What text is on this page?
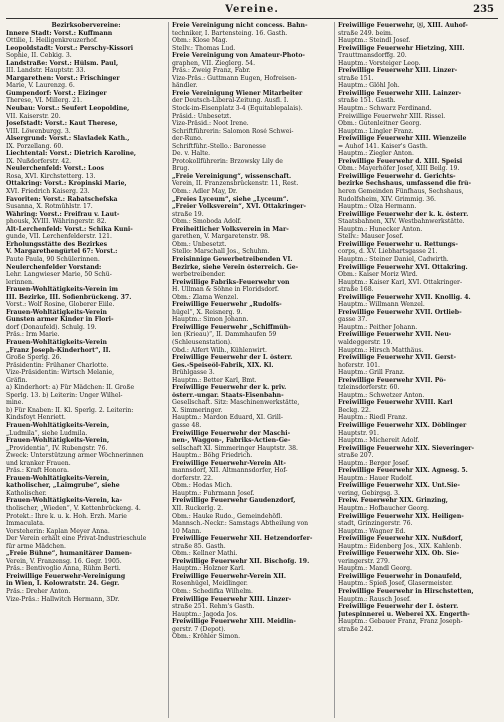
Vereine.	235
Bezirksobervereine:
Innere Stadt: Vorst.: Kuffmann
Ottilie, I. Heiligenkreuzerhof.
Leopoldstadt: Vorst.: Perschy-Kissori
Sophie, II. Cebkig. 3.
Landstraße: Vorst.: Hülsm. Paul,
III. Landstr. Hauptstr. 33.
Margarethen: Vorst.: Frischinger
Marie, V. Laurenzg. 6.
Gumpendorf: Vorst.: Eizinger
Therese, VI. Millerg. 21.
Neubau: Vorst.: Seufert Leopoldine,
VII. Kaiserstr. 20.
Josefstadt: Vorst.: Kaut Therese,
VIII. Löwenburgg. 3.
Alsergrund: Vorst.: Slavladek Kath.,
IX. Porzellang. 60.
Liechtental: Vorst.: Dietrich Karoline,
IX. Nußdorferstr. 42.
Neulerchenfeld: Vorst.: Loos
Rosa, XVI. Kirchstetterg. 13.
Ottakring: Vorst.: Kropinski Marie,
XVI. Friedrich Kaiserg. 23.
Favoriten: Vorst.: Rabatschefska
Susanna, X. Rotmühlstr. 17.
Währing: Vorst.: Freifrau v. Laut-
phousk, XVIII. Währingerstr. 82.
Alt-Lerchenfeld: Vorst.: Schika Kuni-
gunde, VII. Lerchenfelderstr. 121.
Erholungsstätte des Bezirkes
V. Margarethengürtel 67: Vorst.:
Paute Paula, 90 Schülerinnen.
Neulerchenfelder Vorstand:
Lehr. Langwieser Marie, 50 Schü-
lerinnen.
Frauen-Wohltätigkeits-Verein im
III. Bezirke, III. Sofienbrückeng. 37.
Vorst.: Wolf Rosine, Globerer Eiile.
Frauen-Wohltätigkeits-Verein
Gunsten armer Kinder in Flori-
dorf (Donaufeld). Schulg. 19.
Präs.: Irm Marie.
Frauen-Wohltätigkeits-Verein
„Franz Joseph-Kinderhort“, II.
Große Sperlg. 26.
Präsidentin: Frühaner Charlotte.
Vize-Präsidentin: Wirtsch Melanie,
Gräfin.
a) Kinderhort: a) Für Mädchen: II. Große
Sperlg. 13. b) Leiterin: Unger Wilhel-
mine.
b) Für Knaben: II. Kl. Sperlg. 2. Leiterin:
Kindsfoyt Henriett.
Frauen-Wohltätigkeits-Verein,
„Ludmila“, siehe Ludmila.
Frauen-Wohltätigkeits-Verein,
„Providentia“, IV. Rubengstr. 76.
Zweck: Unterstützung armer Wöchnerinnen
und kranker Frauen.
Präs.: Kraft Honora.
Frauen-Wohltätigkeits-Verein,
katholischer, „Laimgrube“, siehe
Katholischer.
Frauen-Wohltätigkeits-Verein, ka-
tholischer, „Wieden“, V. Kettenbrückeng. 4.
Protekt.: Ihre k. u. k. Hoh. Erzh. Marie
Immaculata.
Vorsteherin: Kaplan Meyer Anna.
Der Verein erhält eine Privat-Industrieschule
für arme Mädchen.
„Freie Bühne“, humanitärer Damen-
Verein, V. Franzensg. 16. Gegr. 1905.
Präs.: Bentivoglio Anna, Rühm Berti.
Freiwillige Feuerwehr-Vereinigung
in Wien, I. Kolowratstr. 24. Gegr.
Präs.: Dreher Anton.
Vize-Präs.: Hallwitch Hermann, 3Dr.
Freie Vereinigung nicht concess. Bahn-
techniker, I. Bartensteing. 16. Gasth.
Obm.: Klose Mag.
Stellv.: Thomas Lud.
Freie Vereinigung von Amateur-Photo-
graphen, VII. Zieglerg. 54.
Präs.: Zweig Franz, Fabr.
Vize-Präs.: Guttmann Eugen, Hofreisen-
händler.
Freie Vereinigung Wiener Mitarbeiter
der Deutsch-Liberal-Zeitung. Ausfl. I.
Stock-im-Eisenplatz 3-4 (Equitablepalais).
Präsid.: Unbesetzt.
Vize-Präsid.: Noot Irene.
Schriftführerin: Salomon Rosé Schwei-
der-Runo.
Schriftführ.-Stello.: Baronesse
De. v. Halte.
Protokollführerin: Brzowsky Lily de
Brug.
„Freie Vereinigung“, wissenschaft.
Verein, II. Franzensbrückenstr. 11, Rest.
Obm.: Adler May, Dr.
„Freies Lyceum“, siehe „Lyceum“.
„Freier Volksverein“, XVI. Ottakringer-
straße 19.
Obm.: Smoboda Adolf.
Freiheitlicher Volksverein in Mar-
garethen, V. Margaretenstr. 98.
Obm.: Unbesetzt.
Stello: Marschall Jos., Schuhm.
Freisinnige Gewerbetreibenden VI.
Bezirke, siehe Verein österreich. Ge-
werbetreibender.
Freiwillige Fabriks-Feuerwehr von
H. Ullman & Söhne in Floridsdorf.
Obm.: Zlama Wenzel.
Freiwillige Feuerwehr „Rudolfs-
hügel“, X. Reisnerg. 9.
Hauptm.: Simon Johann.
Freiwillige Feuerwehr „Schiffmüh-
len (Krieau)“, II. Dammhaufen 59
(Schleusenstation).
Obd.: Alfert Wilh., Kühlenwirt.
Freiwillige Feuerwehr der I. österr.
Ges.-Speiseöl-Fabrik, XIX. Kl.
Brühlgasse 3.
Hauptm.: Better Karl, Bmt.
Freiwillige Feuerwehr der k. priv.
österr.-ungar. Staats-Eisenbahn-
Gesellschaft. Sitz: Maschinenwerkstätte,
X. Simmeringer.
Hauptm.: Mardon Eduard, XI. Grill-
gasse 48.
Freiwillige Feuerwehr der Maschi-
nen-, Waggon-, Fabriks-Actien-Ge-
sellschaft XI. Simmeringer Hauptstr. 38.
Hauptm.: Böhg Friedrich.
Freiwillige Feuerwehr-Verein Alt-
mannsdorf, XII. Altmannsdorfer, Hof-
dorferstr. 22.
Obm.: Hodas Mich.
Hauptm.: Fuhrmann Josef.
Freiwillige Feuerwehr Gaudenzdorf,
XII. Ruckerlg. 2.
Obm.: Hauke Rudo., Gemeindehöfl.
Mannsch.-Neckr.: Samstags Abtheilung von
10 Mann.
Freiwillige Feuerwehr XII. Hetzendorfer-
straße 85. Gasth.
Obm.: Kellner Mathi.
Freiwillige Feuerwehr XII. Bischofg. 19.
Hauptm.: Holzner Karl.
Freiwillige Feuerwehr-Verein XII.
Rosenhügel, Meidlinger.
Obm.: Schedifka Wilhelm.
Freiwillige Feuerwehr XIII. Linzer-
straße 251. Rehm's Gasth.
Hauptm.: Jagoda Jos.
Freiwillige Feuerwehr XIII. Meidlin-
gerstr. 7 (Depot).
Obm.: Kröhler Simon.
Freiwillige Feuerwehr, Ⓢ, XIII. Auhof-
straße 249. beim.
Hauptm.: Steindl Josef.
Freiwillige Feuerwehr Hietzing, XIII.
Trauttmansdorffg. 20.
Hauptm.: Vorsteiger Leop.
Freiwillige Feuerwehr XIII. Linzer-
straße 151.
Hauptm.: Glöhl Joh.
Freiwillige Feuerwehr XIII. Lainzer-
straße 151. Gasth.
Hauptm.: Schwarz Ferdinand.
Freiwillige Feuerwehr XIII. Rissel.
Obm.: Gutenleitner Georg.
Hauptm.: Lingler Franz.
Freiwillige Feuerwehr XIII. Wienzeile
= Auhof 141. Kaiser's Gasth.
Hauptm.: Ziegler Anton.
Freiwillige Feuerwehr d. XIII. Speisi
Obm.: Mayerhöfer Josef, XIII Beilg. 19.
Freiwillige Feuerwehr d. Gerichts-
bezirke Sechshaus, umfassend die frü-
heren Gemeinden Fünfhaus, Sechshaus,
Rudolfsheim, XIV. Grimmig. 36.
Hauptm.: Olza Hermann.
Freiwillige Feuerwehr der k. k. österr.
Staatsbahnen, XIV. Westbahnwerkstätte.
Hauptm.: Hunecker Anton.
Stellv.: Mauser Josef.
Freiwillige Feuerwehr u. Rettungs-
corps, d. XV. Liebhartsgasse 21.
Hauptm.: Steiner Daniel, Cadwirth.
Freiwillige Feuerwehr XVI. Ottakring.
Obm.: Kaiser Moriz Wird.
Hauptm.: Kaiser Karl, XVI. Ottakringer-
straße 168.
Freiwillige Feuerwehr XVII. Knollig. 4.
Hauptm.: Willmann Wenzel.
Freiwillige Feuerwehr XVII. Ortlieb-
gasse 37.
Hauptm.: Peither Johann.
Freiwillige Feuerwehr XVII. Neu-
waldeggerstr. 19.
Hauptm.: Hirsch Matthäus.
Freiwillige Feuerwehr XVII. Gerst-
hoferstr. 101.
Hauptm.: Grill Franz.
Freiwillige Feuerwehr XVII. Pö-
tzleinsdorferstr. 60.
Hauptm.: Schwetzer Anton.
Freiwillige Feuerwehr XVIII. Karl
Beckg. 22.
Hauptm.: Riedl Franz.
Freiwillige Feuerwehr XIX. Döblinger
Hauptstr. 91.
Hauptm.: Michereit Adolf.
Freiwillige Feuerwehr XIX. Sieveringer-
straße 207.
Hauptm.: Berger Josef.
Freiwillige Feuerwehr XIX. Agnesg. 5.
Hauptm.: Hauer Rudolf.
Freiwillige Feuerwehr XIX. Unt.Sie-
vering, Gebirgsg. 3.
Freiw. Feuerwehr XIX. Grinzing,
Hauptm.: Hofbaucher Georg.
Freiwillige Feuerwehr XIX. Heiligen-
stadt, Grinzingerstr. 76.
Hauptm.: Wagner Ed.
Freiwillige Feuerwehr XIX. Nußdorf,
Hauptm.: Eidenberg Jos., XIX. Kahlenb.
Freiwillige Feuerwehr XIX. Ob. Sie-
veringerstr. 279.
Hauptm.: Mandl Georg.
Freiwillige Feuerwehr in Donaufeld,
Hauptm.: Spieß Josef, Glasermeister.
Freiwillige Feuerwehr in Hirschstetten,
Hauptm.: Rausch Josef.
Freiwillige Feuerwehr der I. österr.
Jutespinnerei u. Weberei XX. Engerth-
Hauptm.: Gebauer Franz, Franz Joseph-
straße 242.
